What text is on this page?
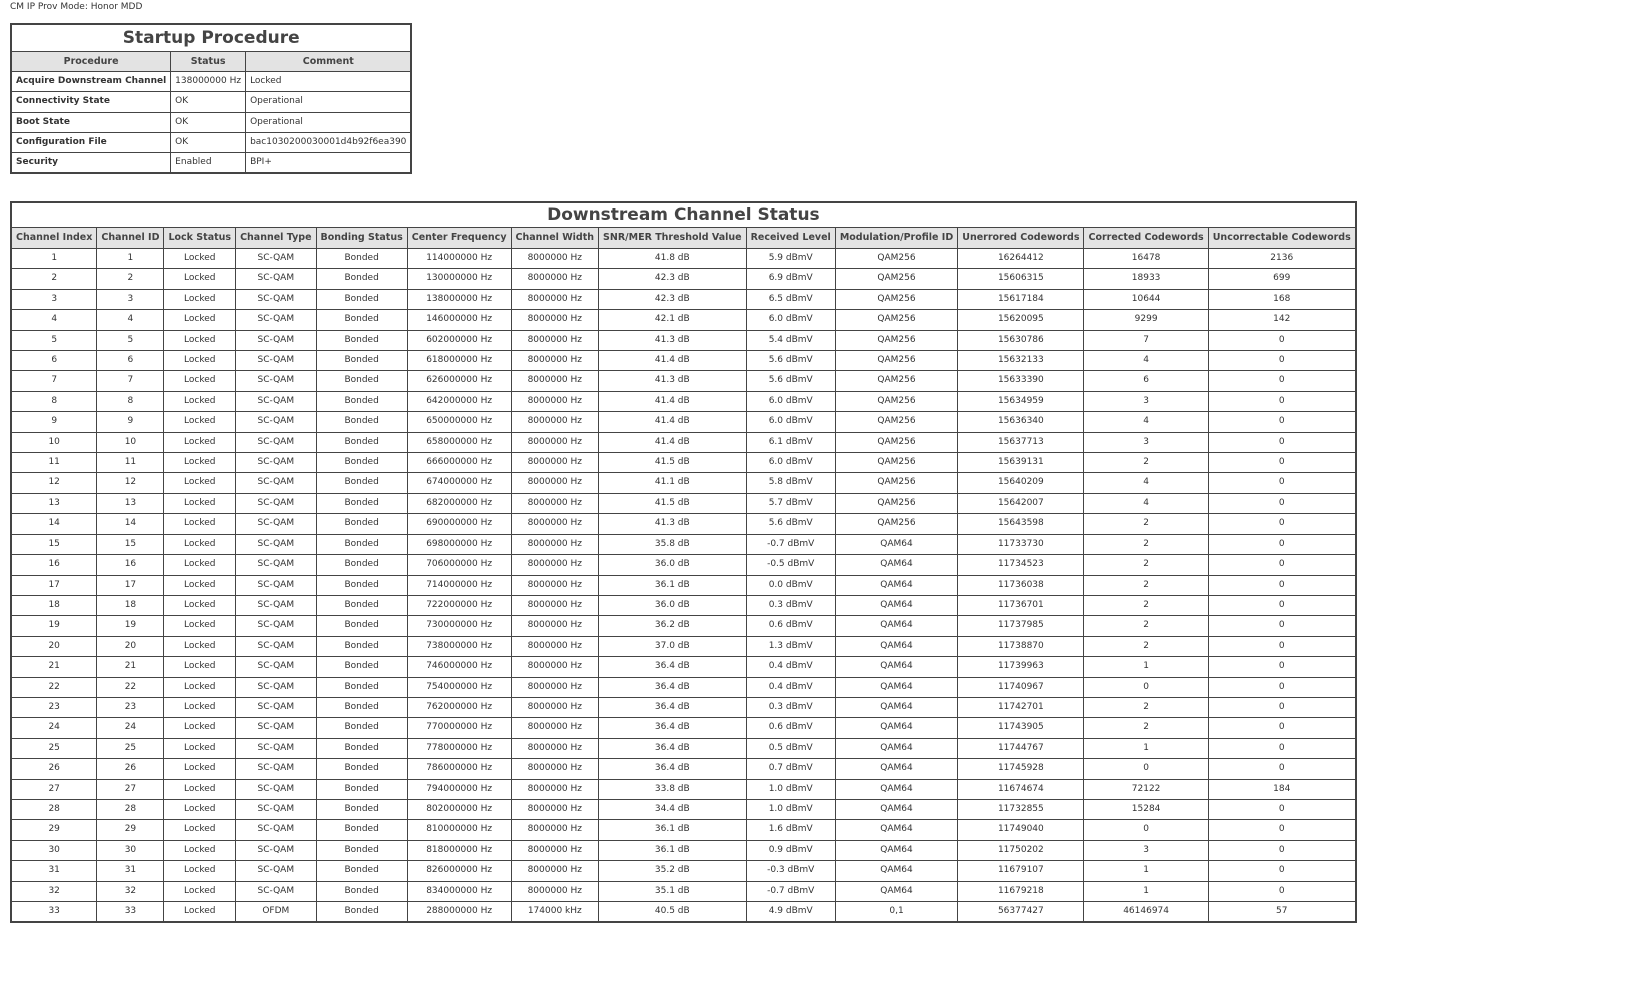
CM IP Prov Mode: Honor MDD
Startup Procedure		
Procedure	Status	Comment
Acquire Downstream Channel	138000000 Hz	Locked
Connectivity State	OK	Operational
Boot State	OK	Operational
Configuration File	OK	bac1030200030001d4b92f6ea390
Security	Enabled	BPI+
Downstream Channel Status												
Channel Index	Channel ID	Lock Status	Channel Type	Bonding Status	Center Frequency	Channel Width	SNR/MER Threshold Value	Received Level	Modulation/Profile ID	Unerrored Codewords	Corrected Codewords	Uncorrectable Codewords
1	1	Locked	SC-QAM	Bonded	114000000 Hz	8000000 Hz	41.8 dB	5.9 dBmV	QAM256	16264412	16478	2136
2	2	Locked	SC-QAM	Bonded	130000000 Hz	8000000 Hz	42.3 dB	6.9 dBmV	QAM256	15606315	18933	699
3	3	Locked	SC-QAM	Bonded	138000000 Hz	8000000 Hz	42.3 dB	6.5 dBmV	QAM256	15617184	10644	168
4	4	Locked	SC-QAM	Bonded	146000000 Hz	8000000 Hz	42.1 dB	6.0 dBmV	QAM256	15620095	9299	142
5	5	Locked	SC-QAM	Bonded	602000000 Hz	8000000 Hz	41.3 dB	5.4 dBmV	QAM256	15630786	7	0
6	6	Locked	SC-QAM	Bonded	618000000 Hz	8000000 Hz	41.4 dB	5.6 dBmV	QAM256	15632133	4	0
7	7	Locked	SC-QAM	Bonded	626000000 Hz	8000000 Hz	41.3 dB	5.6 dBmV	QAM256	15633390	6	0
8	8	Locked	SC-QAM	Bonded	642000000 Hz	8000000 Hz	41.4 dB	6.0 dBmV	QAM256	15634959	3	0
9	9	Locked	SC-QAM	Bonded	650000000 Hz	8000000 Hz	41.4 dB	6.0 dBmV	QAM256	15636340	4	0
10	10	Locked	SC-QAM	Bonded	658000000 Hz	8000000 Hz	41.4 dB	6.1 dBmV	QAM256	15637713	3	0
11	11	Locked	SC-QAM	Bonded	666000000 Hz	8000000 Hz	41.5 dB	6.0 dBmV	QAM256	15639131	2	0
12	12	Locked	SC-QAM	Bonded	674000000 Hz	8000000 Hz	41.1 dB	5.8 dBmV	QAM256	15640209	4	0
13	13	Locked	SC-QAM	Bonded	682000000 Hz	8000000 Hz	41.5 dB	5.7 dBmV	QAM256	15642007	4	0
14	14	Locked	SC-QAM	Bonded	690000000 Hz	8000000 Hz	41.3 dB	5.6 dBmV	QAM256	15643598	2	0
15	15	Locked	SC-QAM	Bonded	698000000 Hz	8000000 Hz	35.8 dB	-0.7 dBmV	QAM64	11733730	2	0
16	16	Locked	SC-QAM	Bonded	706000000 Hz	8000000 Hz	36.0 dB	-0.5 dBmV	QAM64	11734523	2	0
17	17	Locked	SC-QAM	Bonded	714000000 Hz	8000000 Hz	36.1 dB	0.0 dBmV	QAM64	11736038	2	0
18	18	Locked	SC-QAM	Bonded	722000000 Hz	8000000 Hz	36.0 dB	0.3 dBmV	QAM64	11736701	2	0
19	19	Locked	SC-QAM	Bonded	730000000 Hz	8000000 Hz	36.2 dB	0.6 dBmV	QAM64	11737985	2	0
20	20	Locked	SC-QAM	Bonded	738000000 Hz	8000000 Hz	37.0 dB	1.3 dBmV	QAM64	11738870	2	0
21	21	Locked	SC-QAM	Bonded	746000000 Hz	8000000 Hz	36.4 dB	0.4 dBmV	QAM64	11739963	1	0
22	22	Locked	SC-QAM	Bonded	754000000 Hz	8000000 Hz	36.4 dB	0.4 dBmV	QAM64	11740967	0	0
23	23	Locked	SC-QAM	Bonded	762000000 Hz	8000000 Hz	36.4 dB	0.3 dBmV	QAM64	11742701	2	0
24	24	Locked	SC-QAM	Bonded	770000000 Hz	8000000 Hz	36.4 dB	0.6 dBmV	QAM64	11743905	2	0
25	25	Locked	SC-QAM	Bonded	778000000 Hz	8000000 Hz	36.4 dB	0.5 dBmV	QAM64	11744767	1	0
26	26	Locked	SC-QAM	Bonded	786000000 Hz	8000000 Hz	36.4 dB	0.7 dBmV	QAM64	11745928	0	0
27	27	Locked	SC-QAM	Bonded	794000000 Hz	8000000 Hz	33.8 dB	1.0 dBmV	QAM64	11674674	72122	184
28	28	Locked	SC-QAM	Bonded	802000000 Hz	8000000 Hz	34.4 dB	1.0 dBmV	QAM64	11732855	15284	0
29	29	Locked	SC-QAM	Bonded	810000000 Hz	8000000 Hz	36.1 dB	1.6 dBmV	QAM64	11749040	0	0
30	30	Locked	SC-QAM	Bonded	818000000 Hz	8000000 Hz	36.1 dB	0.9 dBmV	QAM64	11750202	3	0
31	31	Locked	SC-QAM	Bonded	826000000 Hz	8000000 Hz	35.2 dB	-0.3 dBmV	QAM64	11679107	1	0
32	32	Locked	SC-QAM	Bonded	834000000 Hz	8000000 Hz	35.1 dB	-0.7 dBmV	QAM64	11679218	1	0
33	33	Locked	OFDM	Bonded	288000000 Hz	174000 kHz	40.5 dB	4.9 dBmV	0,1	56377427	46146974	57
